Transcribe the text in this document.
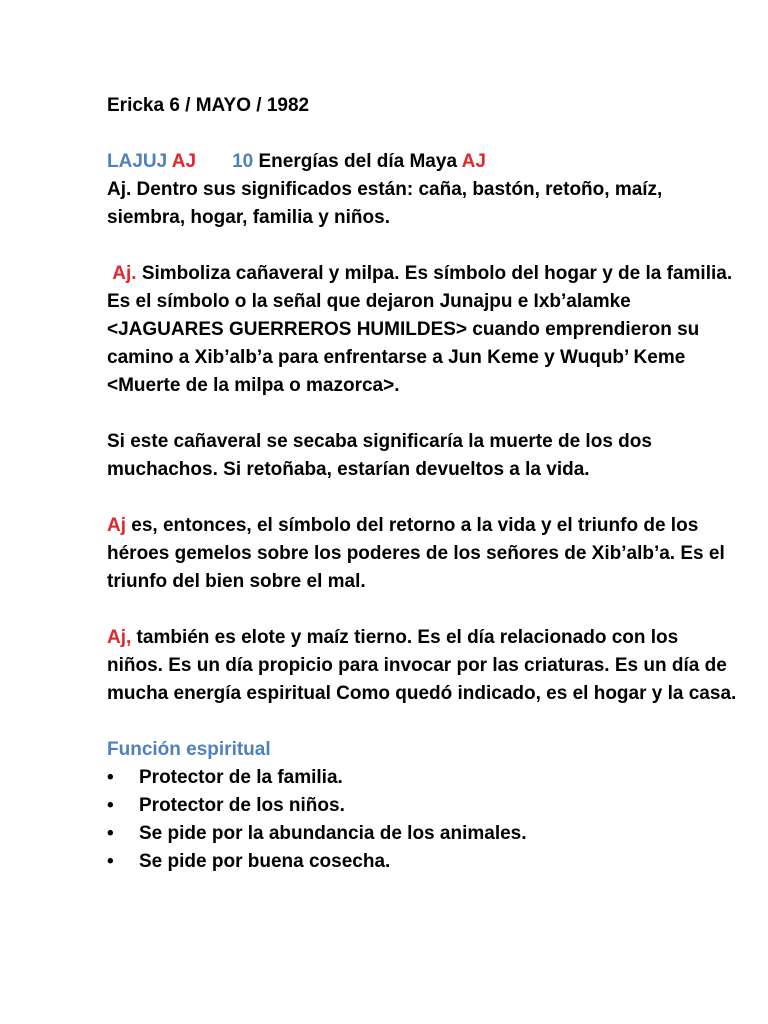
Ericka 6 / MAYO / 1982

LAJUJ AJ 10 Energías del día Maya AJ

Aj. Dentro sus significados están: caña, bastón, retoño, maíz, siembra, hogar, familia y niños.

Aj. Simboliza cañaveral y milpa. Es símbolo del hogar y de la familia. Es el símbolo o la señal que dejaron Junajpu e Ixb’alamke <JAGUARES GUERREROS HUMILDES> cuando emprendieron su camino a Xib’alb’a para enfrentarse a Jun Keme y Wuqub’ Keme <Muerte de la milpa o mazorca>.

Si este cañaveral se secaba significaría la muerte de los dos muchachos. Si retoñaba, estarían devueltos a la vida.

Aj es, entonces, el símbolo del retorno a la vida y el triunfo de los héroes gemelos sobre los poderes de los señores de Xib’alb’a. Es el triunfo del bien sobre el mal.

Aj, también es elote y maíz tierno. Es el día relacionado con los niños. Es un día propicio para invocar por las criaturas. Es un día de mucha energía espiritual Como quedó indicado, es el hogar y la casa.

Función espiritual

• Protector de la familia.
• Protector de los niños.
• Se pide por la abundancia de los animales.
• Se pide por buena cosecha.
